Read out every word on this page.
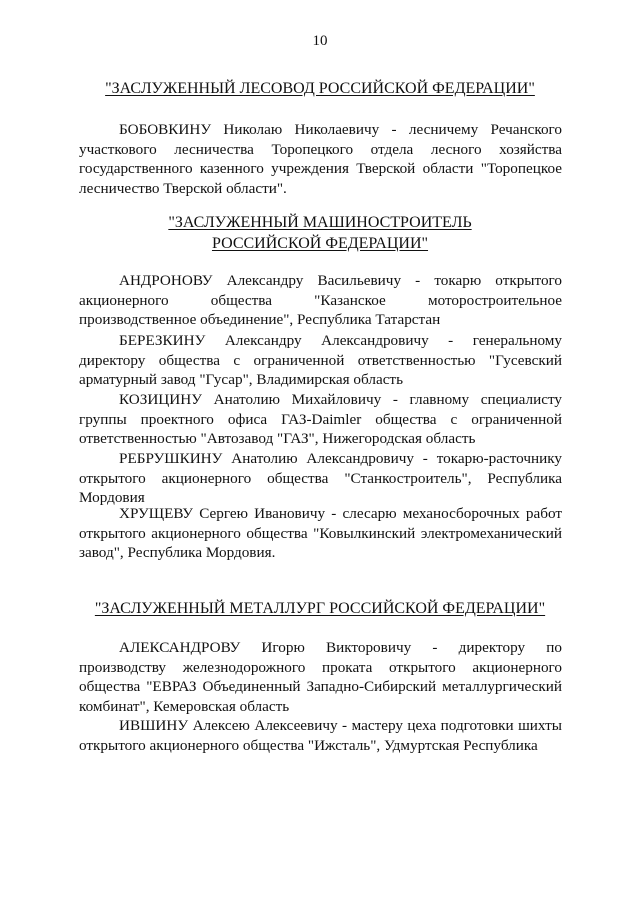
10
"ЗАСЛУЖЕННЫЙ ЛЕСОВОД РОССИЙСКОЙ ФЕДЕРАЦИИ"
БОБОВКИНУ Николаю Николаевичу - лесничему Речанского участкового лесничества Торопецкого отдела лесного хозяйства государственного казенного учреждения Тверской области "Торопецкое лесничество Тверской области".
"ЗАСЛУЖЕННЫЙ МАШИНОСТРОИТЕЛЬ
РОССИЙСКОЙ ФЕДЕРАЦИИ"
АНДРОНОВУ Александру Васильевичу - токарю открытого акционерного общества "Казанское моторостроительное производственное объединение", Республика Татарстан
БЕРЕЗКИНУ Александру Александровичу - генеральному директору общества с ограниченной ответственностью "Гусевский арматурный завод "Гусар", Владимирская область
КОЗИЦИНУ Анатолию Михайловичу - главному специалисту группы проектного офиса ГАЗ-Daimler общества с ограниченной ответственностью "Автозавод "ГАЗ", Нижегородская область
РЕБРУШКИНУ Анатолию Александровичу - токарю-расточнику открытого акционерного общества "Станкостроитель", Республика Мордовия
ХРУЩЕВУ Сергею Ивановичу - слесарю механосборочных работ открытого акционерного общества "Ковылкинский электромеханический завод", Республика Мордовия.
"ЗАСЛУЖЕННЫЙ МЕТАЛЛУРГ РОССИЙСКОЙ ФЕДЕРАЦИИ"
АЛЕКСАНДРОВУ Игорю Викторовичу - директору по производству железнодорожного проката открытого акционерного общества "ЕВРАЗ Объединенный Западно-Сибирский металлургический комбинат", Кемеровская область
ИВШИНУ Алексею Алексеевичу - мастеру цеха подготовки шихты открытого акционерного общества "Ижсталь", Удмуртская Республика
